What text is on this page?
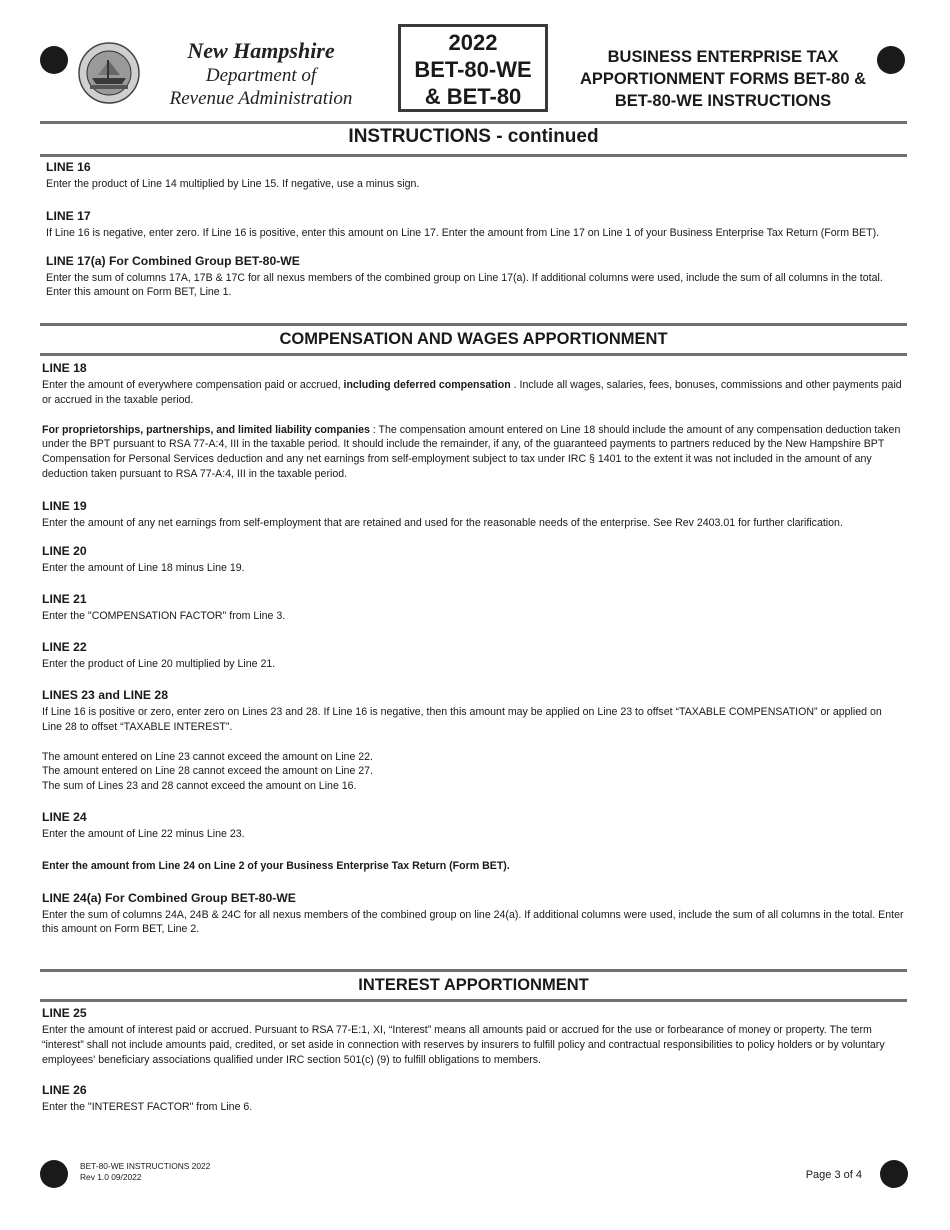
New Hampshire
Department of
Revenue Administration
2022
BET-80-WE
& BET-80
BUSINESS ENTERPRISE TAX
APPORTIONMENT FORMS BET-80 &
BET-80-WE INSTRUCTIONS
INSTRUCTIONS - continued
LINE 16

Enter the product of Line 14 multiplied by Line 15. If negative, use a minus sign.

LINE 17

If Line 16 is negative, enter zero. If Line 16 is positive, enter this amount on Line 17. Enter the amount from Line 17 on Line 1 of your Business Enterprise Tax Return (Form BET).

LINE 17(a) For Combined Group BET-80-WE

Enter the sum of columns 17A, 17B & 17C for all nexus members of the combined group on Line 17(a). If additional columns were used, include the sum of all columns in the total. Enter this amount on Form BET, Line 1.

COMPENSATION AND WAGES APPORTIONMENT
LINE 18

Enter the amount of everywhere compensation paid or accrued, including deferred compensation . Include all wages, salaries, fees, bonuses, commissions and other payments paid or accrued in the taxable period.

For proprietorships, partnerships, and limited liability companies : The compensation amount entered on Line 18 should include the amount of any compensation deduction taken under the BPT pursuant to RSA 77-A:4, III in the taxable period. It should include the remainder, if any, of the guaranteed payments to partners reduced by the New Hampshire BPT Compensation for Personal Services deduction and any net earnings from self-employment subject to tax under IRC § 1401 to the extent it was not included in the amount of any deduction taken pursuant to RSA 77-A:4, III in the taxable period.

LINE 19

Enter the amount of any net earnings from self-employment that are retained and used for the reasonable needs of the enterprise. See Rev 2403.01 for further clarification.

LINE 20

Enter the amount of Line 18 minus Line 19.

LINE 21

Enter the "COMPENSATION FACTOR" from Line 3.

LINE 22

Enter the product of Line 20 multiplied by Line 21.

LINES 23 and LINE 28

If Line 16 is positive or zero, enter zero on Lines 23 and 28. If Line 16 is negative, then this amount may be applied on Line 23 to offset “TAXABLE COMPENSATION” or applied on Line 28 to offset “TAXABLE INTEREST”.

The amount entered on Line 23 cannot exceed the amount on Line 22.

The amount entered on Line 28 cannot exceed the amount on Line 27.

The sum of Lines 23 and 28 cannot exceed the amount on Line 16.

LINE 24

Enter the amount of Line 22 minus Line 23.

Enter the amount from Line 24 on Line 2 of your Business Enterprise Tax Return (Form BET).

LINE 24(a) For Combined Group BET-80-WE

Enter the sum of columns 24A, 24B & 24C for all nexus members of the combined group on line 24(a). If additional columns were used, include the sum of all columns in the total. Enter this amount on Form BET, Line 2.

INTEREST APPORTIONMENT
LINE 25

Enter the amount of interest paid or accrued. Pursuant to RSA 77-E:1, XI, “Interest” means all amounts paid or accrued for the use or forbearance of money or property. The term “interest” shall not include amounts paid, credited, or set aside in connection with reserves by insurers to fulfill policy and contractual responsibilities to policy holders or by voluntary employees' beneficiary associations qualified under IRC section 501(c) (9) to fulfill obligations to members.

LINE 26

Enter the "INTEREST FACTOR" from Line 6.

BET-80-WE INSTRUCTIONS 2022
Rev 1.0 09/2022	Page 3 of 4
